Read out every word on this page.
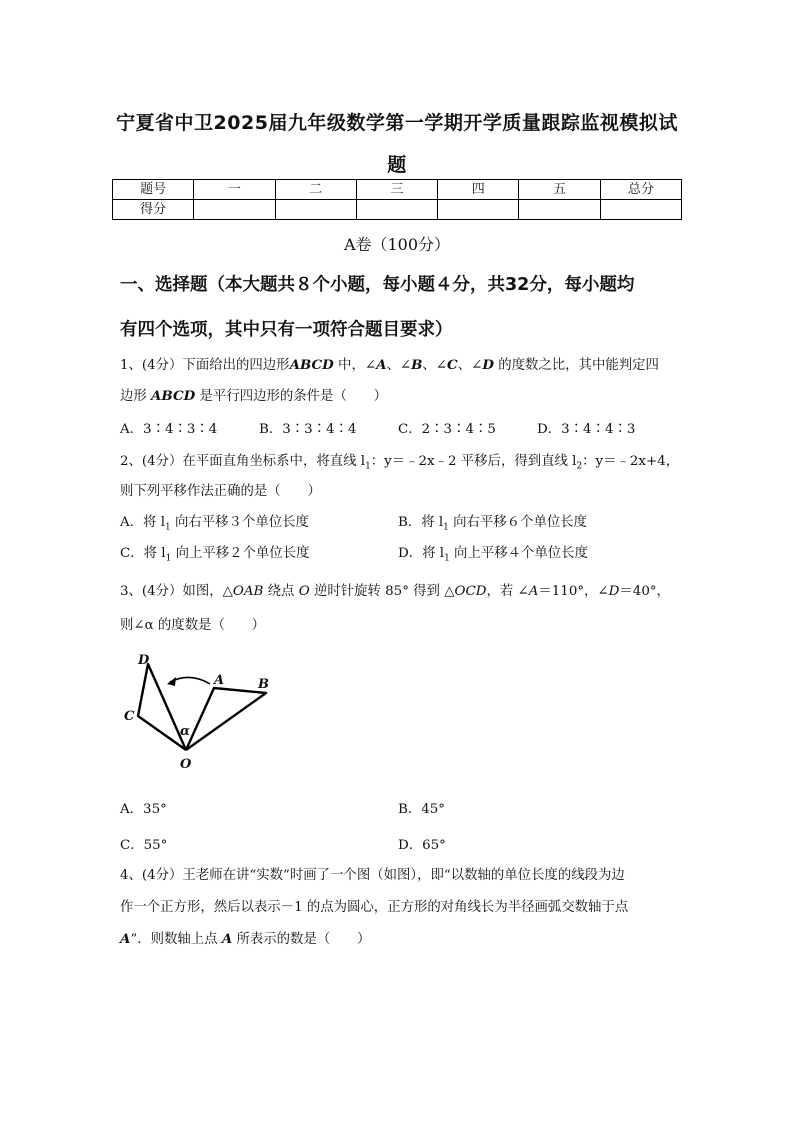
宁夏省中卫2025届九年级数学第一学期开学质量跟踪监视模拟试
题
题号	一	二	三	四	五	总分
得分						
A卷（100分）
一、选择题（本大题共８个小题，每小题４分，共32分，每小题均
有四个选项，其中只有一项符合题目要求）
1、(4分）下面给出的四边形ABCD 中，∠A、∠B、∠C、∠D 的度数之比，其中能判定四
边形 ABCD 是平行四边形的条件是（　　）
A．3∶4∶3∶4	B．3∶3∶4∶4	C．2∶3∶4∶5	D．3∶4∶4∶3
2、(4分）在平面直角坐标系中，将直线 $l_1$：y＝﹣2x﹣2 平移后，得到直线 $l_2$：y＝﹣2x+4，
则下列平移作法正确的是（　　）
A．将 $l_1$ 向右平移３个单位长度	B．将 $l_1$ 向右平移６个单位长度
C．将 $l_1$ 向上平移２个单位长度	D．将 $l_1$ 向上平移４个单位长度
3、(4分）如图，△OAB 绕点 O 逆时针旋转 85° 得到 △OCD，若 ∠A＝110°，∠D＝40°，
则∠α 的度数是（　　）
D
A	B
C
α
O
A．35°	B．45°
C．55°	D．65°
4、(4分）王老师在讲“实数”时画了一个图（如图），即“以数轴的单位长度的线段为边
作一个正方形，然后以表示－1 的点为圆心，正方形的对角线长为半径画弧交数轴于点
A”．则数轴上点 A 所表示的数是（　　）
